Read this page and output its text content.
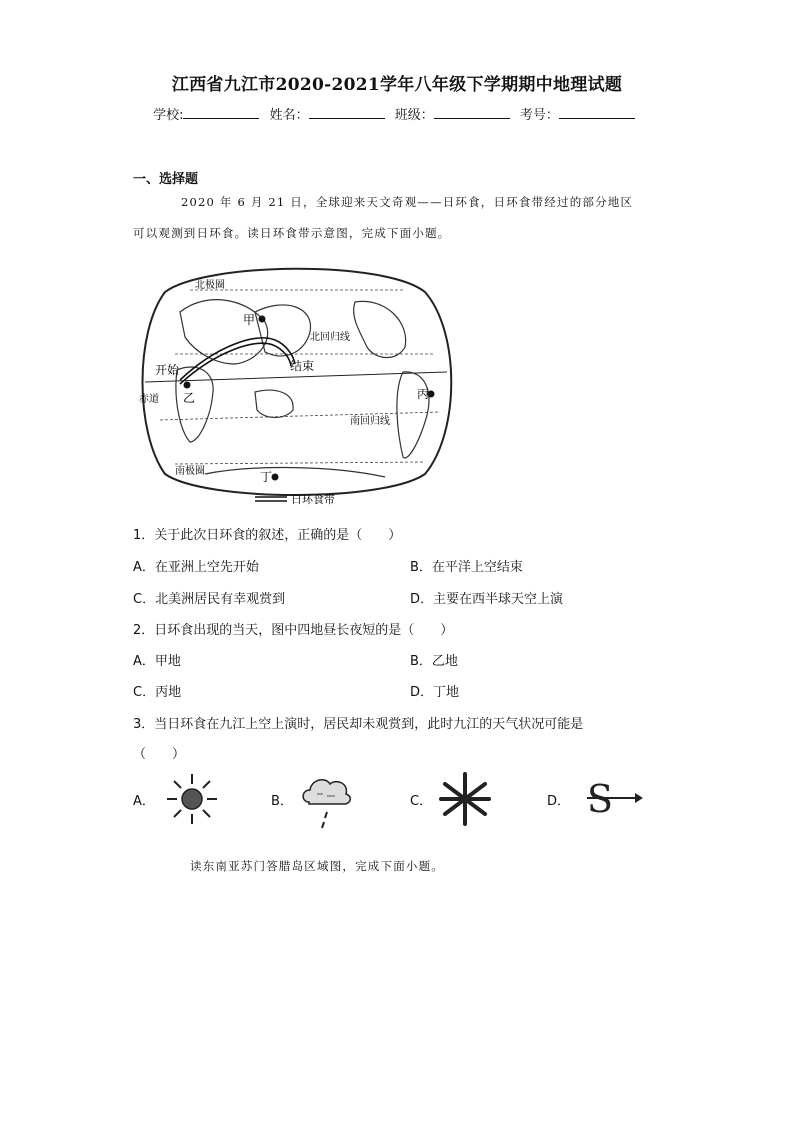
江西省九江市2020-2021学年八年级下学期期中地理试题
学校:	姓名：	班级：	考号：
一、选择题
2020 年 6 月 21 日，全球迎来天文奇观——日环食，日环食带经过的部分地区
可以观测到日环食。读日环食带示意图，完成下面小题。
北极圈
北回归线
赤道
南回归线
南极圈
开始	结束
甲
乙	丙
丁
日环食带
1．关于此次日环食的叙述，正确的是（　　）
A．在亚洲上空先开始	B．在平洋上空结束
C．北美洲居民有幸观赏到	D．主要在西半球天空上演
2．日环食出现的当天，图中四地昼长夜短的是（　　）
A．甲地	B．乙地
C．丙地	D．丁地
3．当日环食在九江上空上演时，居民却未观赏到，此时九江的天气状况可能是
（　　）
A．	B．	C．	D． S
读东南亚苏门答腊岛区域图，完成下面小题。
